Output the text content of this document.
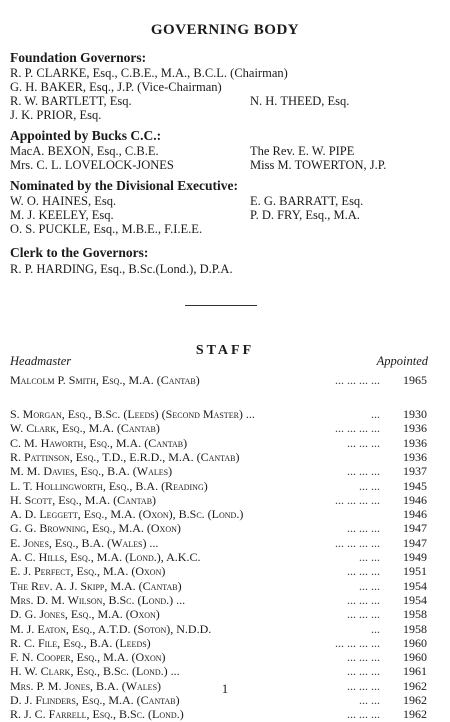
GOVERNING BODY
Foundation Governors:
R. P. CLARKE, Esq., C.B.E., M.A., B.C.L. (Chairman)
G. H. BAKER, Esq., J.P. (Vice-Chairman)
R. W. BARTLETT, Esq.	N. H. THEED, Esq.
J. K. PRIOR, Esq.
Appointed by Bucks C.C.:
MacA. BEXON, Esq., C.B.E.	The Rev. E. W. PIPE
Mrs. C. L. LOVELOCK-JONES	Miss M. TOWERTON, J.P.
Nominated by the Divisional Executive:
W. O. HAINES, Esq.	E. G. BARRATT, Esq.
M. J. KEELEY, Esq.	P. D. FRY, Esq., M.A.
O. S. PUCKLE, Esq., M.B.E., F.I.E.E.
Clerk to the Governors:
R. P. HARDING, Esq., B.Sc.(Lond.), D.P.A.
STAFF
Headmaster	Appointed
Malcolm P. Smith, Esq., M.A. (Cantab)	... ... ... ... 1965
S. Morgan, Esq., B.Sc. (Leeds) (Second Master) ...	... 1930
W. Clark, Esq., M.A. (Cantab)	... ... ... ... 1936
C. M. Haworth, Esq., M.A. (Cantab)	... ... ... 1936
R. Pattinson, Esq., T.D., E.R.D., M.A. (Cantab)	1936
M. M. Davies, Esq., B.A. (Wales)	... ... ... 1937
L. T. Hollingworth, Esq., B.A. (Reading)	... ... 1945
H. Scott, Esq., M.A. (Cantab)	... ... ... ... 1946
A. D. Leggett, Esq., M.A. (Oxon), B.Sc. (Lond.)	1946
G. G. Browning, Esq., M.A. (Oxon)	... ... ... 1947
E. Jones, Esq., B.A. (Wales) ...	... ... ... ... 1947
A. C. Hills, Esq., M.A. (Lond.), A.K.C.	... ... 1949
E. J. Perfect, Esq., M.A. (Oxon)	... ... ... 1951
The Rev. A. J. Skipp, M.A. (Cantab)	... ... 1954
Mrs. D. M. Wilson, B.Sc. (Lond.) ...	... ... ... 1954
D. G. Jones, Esq., M.A. (Oxon)	... ... ... 1958
M. J. Eaton, Esq., A.T.D. (Soton), N.D.D.	... 1958
R. C. File, Esq., B.A. (Leeds)	... ... ... ... 1960
F. N. Cooper, Esq., M.A. (Oxon)	... ... ... 1960
H. W. Clark, Esq., B.Sc. (Lond.) ...	... ... ... 1961
Mrs. P. M. Jones, B.A. (Wales)	... ... ... 1962
D. J. Flinders, Esq., M.A. (Cantab)	... ... 1962
R. J. C. Farrell, Esq., B.Sc. (Lond.)	... ... ... 1962
1
